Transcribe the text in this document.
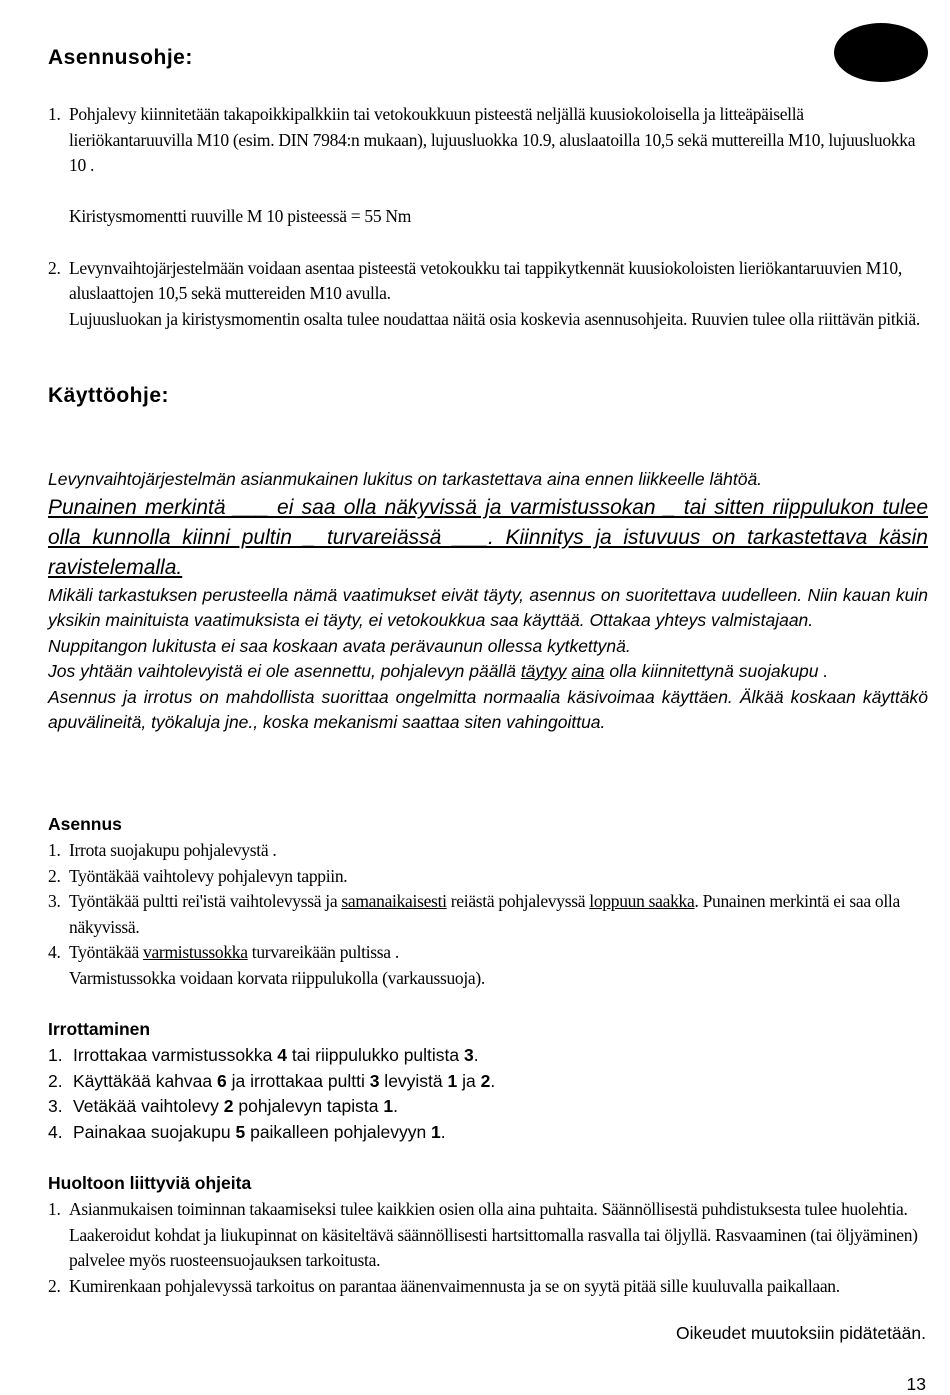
Asennusohje:
1. Pohjalevy kiinnitetään takapoikkipalkkiin tai vetokoukkuun pisteestä neljällä kuusiokoloisella ja litteäpäisellä lieriökantaruuvilla M10 (esim. DIN 7984:n mukaan), lujuusluokka 10.9, aluslaatoilla 10,5 sekä muttereilla M10, lujuusluokka 10 .
Kiristysmomentti ruuville M 10 pisteessä = 55 Nm
2. Levynvaihtojärjestelmään voidaan asentaa pisteestä vetokoukku tai tappikytkennät kuusiokoloisten lieriökantaruuvien M10, aluslaattojen 10,5 sekä muttereiden M10 avulla.
Lujuusluokan ja kiristysmomentin osalta tulee noudattaa näitä osia koskevia asennusohjeita. Ruuvien tulee olla riittävän pitkiä.
Käyttöohje:
Levynvaihtojärjestelmän asianmukainen lukitus on tarkastettava aina ennen liikkeelle lähtöä.
Punainen merkintä ___ ei saa olla näkyvissä ja varmistussokan _ tai sitten riippulukon tulee olla kunnolla kiinni pultin _ turvareiässä ___. Kiinnitys ja istuvuus on tarkastettava käsin ravistelemalla.
Mikäli tarkastuksen perusteella nämä vaatimukset eivät täyty, asennus on suoritettava uudelleen. Niin kauan kuin yksikin mainituista vaatimuksista ei täyty, ei vetokoukkua saa käyttää. Ottakaa yhteys valmistajaan.
Nuppitangon lukitusta ei saa koskaan avata perävaunun ollessa kytkettynä.
Jos yhtään vaihtolevyistä ei ole asennettu, pohjalevyn päällä täytyy aina olla kiinnitettynä suojakupu .
Asennus ja irrotus on mahdollista suorittaa ongelmitta normaalia käsivoimaa käyttäen. Älkää koskaan käyttäkö apuvälineitä, työkaluja jne., koska mekanismi saattaa siten vahingoittua.
Asennus
1. Irrota suojakupu pohjalevystä .
2. Työntäkää vaihtolevy pohjalevyn tappiin.
3. Työntäkää pultti rei'istä vaihtolevyssä ja samanaikaisesti reiästä pohjalevyssä loppuun saakka. Punainen merkintä ei saa olla näkyvissä.
4. Työntäkää varmistussokka turvareikään pultissa .
Varmistussokka voidaan korvata riippulukolla (varkaussuoja).
Irrottaminen
1. Irrottakaa varmistussokka 4 tai riippulukko pultista 3.
2. Käyttäkää kahvaa 6 ja irrottakaa pultti 3 levyistä 1 ja 2.
3. Vetäkää vaihtolevy 2 pohjalevyn tapista 1.
4. Painakaa suojakupu 5 paikalleen pohjalevyyn 1.
Huoltoon liittyviä ohjeita
1. Asianmukaisen toiminnan takaamiseksi tulee kaikkien osien olla aina puhtaita. Säännöllisestä puhdistuksesta tulee huolehtia. Laakeroidut kohdat ja liukupinnat on käsiteltävä säännöllisesti hartsittomalla rasvalla tai öljyllä. Rasvaaminen (tai öljyäminen) palvelee myös ruosteensuojauksen tarkoitusta.
2. Kumirenkaan pohjalevyssä tarkoitus on parantaa äänenvaimennusta ja se on syytä pitää sille kuuluvalla paikallaan.
Oikeudet muutoksiin pidätetään.
13
